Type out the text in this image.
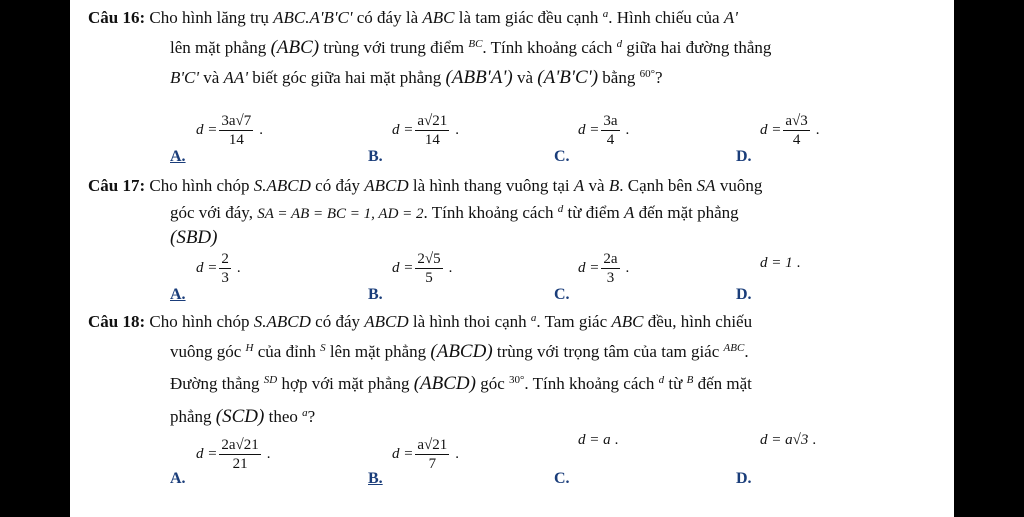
Câu 16: Cho hình lăng trụ ABC.A'B'C' có đáy là ABC là tam giác đều cạnh $^a$. Hình chiếu của A'
lên mặt phẳng (ABC) trùng với trung điểm $^{BC}$. Tính khoảng cách $^d$ giữa hai đường thẳng
B'C' và AA' biết góc giữa hai mặt phẳng (ABB'A') và (A'B'C') bằng $^{60^\circ}$?
A.
$d = \frac{3a√7}{14}$ .
B.
$d = \frac{a√21}{14}$ .
C.
$d = \frac{3a}{4}$ .
D.
$d = \frac{a√3}{4}$ .
Câu 17: Cho hình chóp S.ABCD có đáy ABCD là hình thang vuông tại A và B. Cạnh bên SA vuông
góc với đáy, SA = AB = BC = 1, AD = 2. Tính khoảng cách $^d$ từ điểm A đến mặt phẳng
(SBD)
A.
$d = \frac{2}{3}$ .
B.
$d = \frac{2√5}{5}$ .
C.
$d = \frac{2a}{3}$ .
D.
d = 1 .
Câu 18: Cho hình chóp S.ABCD có đáy ABCD là hình thoi cạnh $^a$. Tam giác ABC đều, hình chiếu
vuông góc $^H$ của đỉnh $^S$ lên mặt phẳng (ABCD) trùng với trọng tâm của tam giác $^{ABC}$.
Đường thẳng $^{SD}$ hợp với mặt phẳng (ABCD) góc $^{30^\circ}$. Tính khoảng cách $^d$ từ $^B$ đến mặt
phẳng (SCD) theo $^a$?
A.
$d = \frac{2a√21}{21}$ .
B.
$d = \frac{a√21}{7}$ .
C.
d = a .
D.
d = a√3 .
